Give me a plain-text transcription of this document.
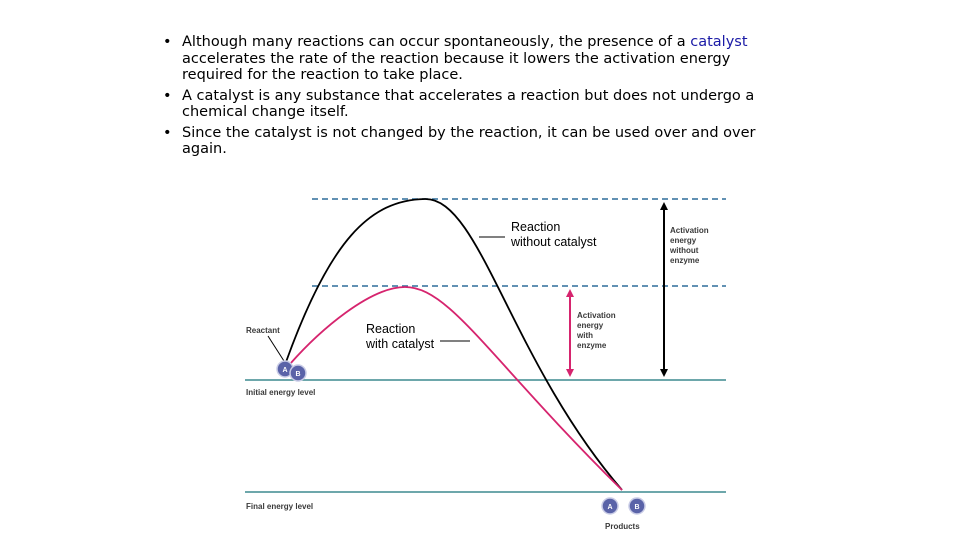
• Although many reactions can occur spontaneously, the presence of a catalyst accelerates the rate of the reaction because it lowers the activation energy required for the reaction to take place.
• A catalyst is any substance that accelerates a reaction but does not undergo a chemical change itself.
• Since the catalyst is not changed by the reaction, it can be used over and over again.
A
B
A	B
Reaction without catalyst
Reaction with catalyst
Reactant
Initial energy level
Final energy level
Products
Activation energy with enzyme
Activation energy without enzyme
